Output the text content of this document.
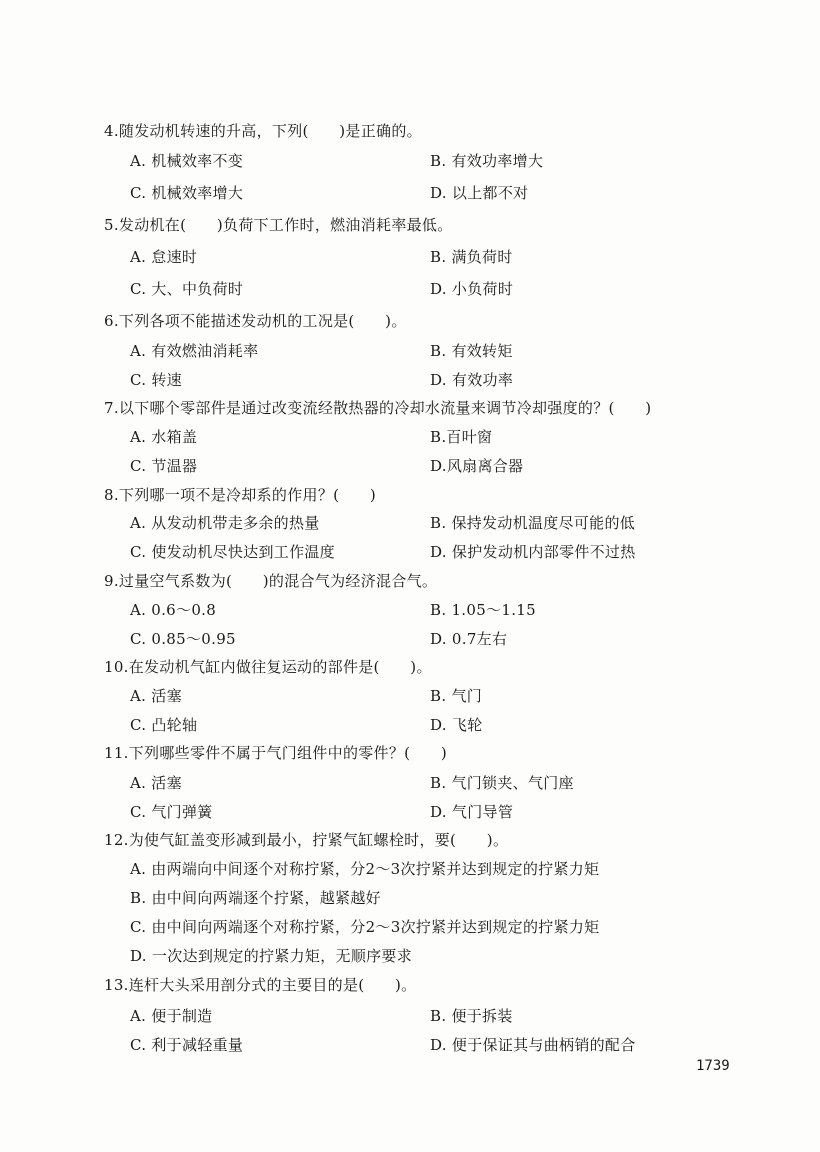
4.随发动机转速的升高，下列(　　)是正确的。
A. 机械效率不变	B. 有效功率增大
C. 机械效率增大	D. 以上都不对
5.发动机在(　　)负荷下工作时，燃油消耗率最低。
A. 怠速时	B. 满负荷时
C. 大、中负荷时	D. 小负荷时
6.下列各项不能描述发动机的工况是(　　)。
A. 有效燃油消耗率	B. 有效转矩
C. 转速	D. 有效功率
7.以下哪个零部件是通过改变流经散热器的冷却水流量来调节冷却强度的？(　　)
A. 水箱盖	B.百叶窗
C. 节温器	D.风扇离合器
8.下列哪一项不是冷却系的作用？(　　)
A. 从发动机带走多余的热量	B. 保持发动机温度尽可能的低
C. 使发动机尽快达到工作温度	D. 保护发动机内部零件不过热
9.过量空气系数为(　　)的混合气为经济混合气。
A. 0.6～0.8	B. 1.05～1.15
C. 0.85～0.95	D. 0.7左右
10.在发动机气缸内做往复运动的部件是(　　)。
A. 活塞	B. 气门
C. 凸轮轴	D. 飞轮
11.下列哪些零件不属于气门组件中的零件？(　　)
A. 活塞	B. 气门锁夹、气门座
C. 气门弹簧	D. 气门导管
12.为使气缸盖变形减到最小，拧紧气缸螺栓时，要(　　)。
A. 由两端向中间逐个对称拧紧，分2～3次拧紧并达到规定的拧紧力矩
B. 由中间向两端逐个拧紧，越紧越好
C. 由中间向两端逐个对称拧紧，分2～3次拧紧并达到规定的拧紧力矩
D. 一次达到规定的拧紧力矩，无顺序要求
13.连杆大头采用剖分式的主要目的是(　　)。
A. 便于制造	B. 便于拆装
C. 利于减轻重量	D. 便于保证其与曲柄销的配合
1739
